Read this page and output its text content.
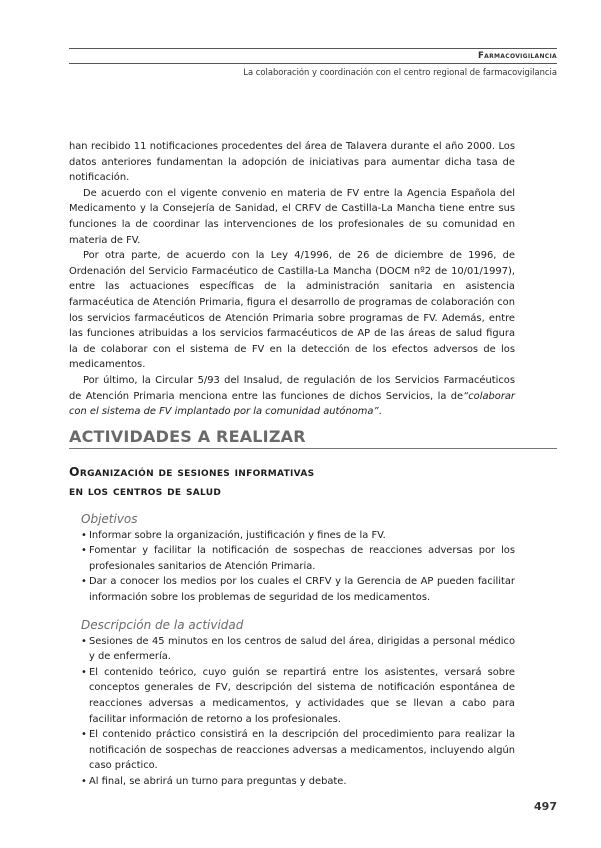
Farmacovigilancia
La colaboración y coordinación con el centro regional de farmacovigilancia

han recibido 11 notificaciones procedentes del área de Talavera durante el año 2000. Los datos anteriores fundamentan la adopción de iniciativas para aumentar dicha tasa de notificación.

De acuerdo con el vigente convenio en materia de FV entre la Agencia Española del Medicamento y la Consejería de Sanidad, el CRFV de Castilla-La Mancha tiene entre sus funciones la de coordinar las intervenciones de los profesionales de su comunidad en materia de FV.

Por otra parte, de acuerdo con la Ley 4/1996, de 26 de diciembre de 1996, de Ordenación del Servicio Farmacéutico de Castilla-La Mancha (DOCM nº2 de 10/01/1997), entre las actuaciones específicas de la administración sanitaria en asistencia farmacéutica de Atención Primaria, figura el desarrollo de programas de colaboración con los servicios farmacéuticos de Atención Primaria sobre programas de FV. Además, entre las funciones atribuidas a los servicios farmacéuticos de AP de las áreas de salud figura la de colaborar con el sistema de FV en la detección de los efectos adversos de los medicamentos.

Por último, la Circular 5/93 del Insalud, de regulación de los Servicios Farmacéuticos de Atención Primaria menciona entre las funciones de dichos Servicios, la de“colaborar con el sistema de FV implantado por la comunidad autónoma”.

ACTIVIDADES A REALIZAR
Organización de sesiones informativas
en los centros de salud
Objetivos
• Informar sobre la organización, justificación y fines de la FV.
• Fomentar y facilitar la notificación de sospechas de reacciones adversas por los profesionales sanitarios de Atención Primaria.
• Dar a conocer los medios por los cuales el CRFV y la Gerencia de AP pueden facilitar información sobre los problemas de seguridad de los medicamentos.
Descripción de la actividad
• Sesiones de 45 minutos en los centros de salud del área, dirigidas a personal médico y de enfermería.
• El contenido teórico, cuyo guión se repartirá entre los asistentes, versará sobre conceptos generales de FV, descripción del sistema de notificación espontánea de reacciones adversas a medicamentos, y actividades que se llevan a cabo para facilitar información de retorno a los profesionales.
• El contenido práctico consistirá en la descripción del procedimiento para realizar la notificación de sospechas de reacciones adversas a medicamentos, incluyendo algún caso práctico.
• Al final, se abrirá un turno para preguntas y debate.
497
